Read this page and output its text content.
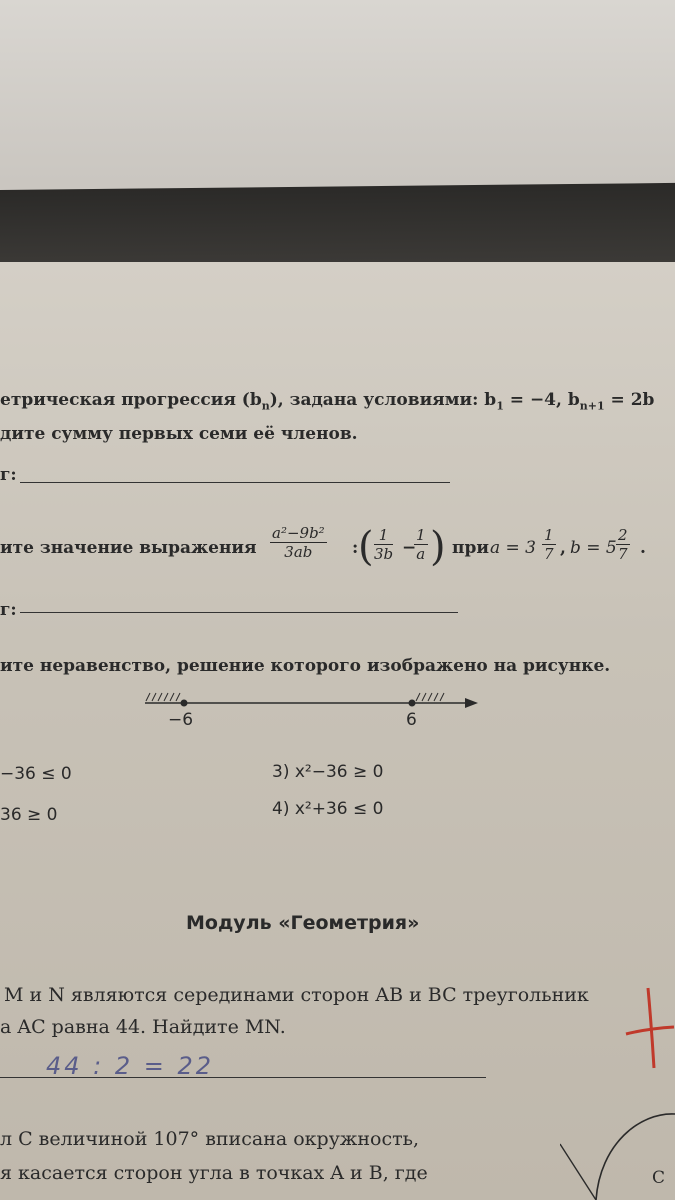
етрическая прогрессия $(b_n)$, задана условиями: $b_1 = -4$, $b_{n+1} = 2b$
дите сумму первых семи её членов.
г:
ите значение выражения $\frac{\text{a²−9b²}}{3ab}$ : ( $\frac{1}{3b}$ −
$\frac{1}{a}$ ) при $a = 3 \frac{1}{7}$ , $b = 5 \frac{2}{7}$ .
г:
ите неравенство, решение которого изображено на рисунке.
−6	6
−36 ≤ 0
36 ≥ 0
3) x²−36 ≥ 0
4) x²+36 ≤ 0
Модуль «Геометрия»
M и N являются серединами сторон AB и BC треугольник
а AC равна 44. Найдите MN.
44 : 2 = 22
л C величиной 107° вписана окружность,
я касается сторон угла в точках A и B, где	С
